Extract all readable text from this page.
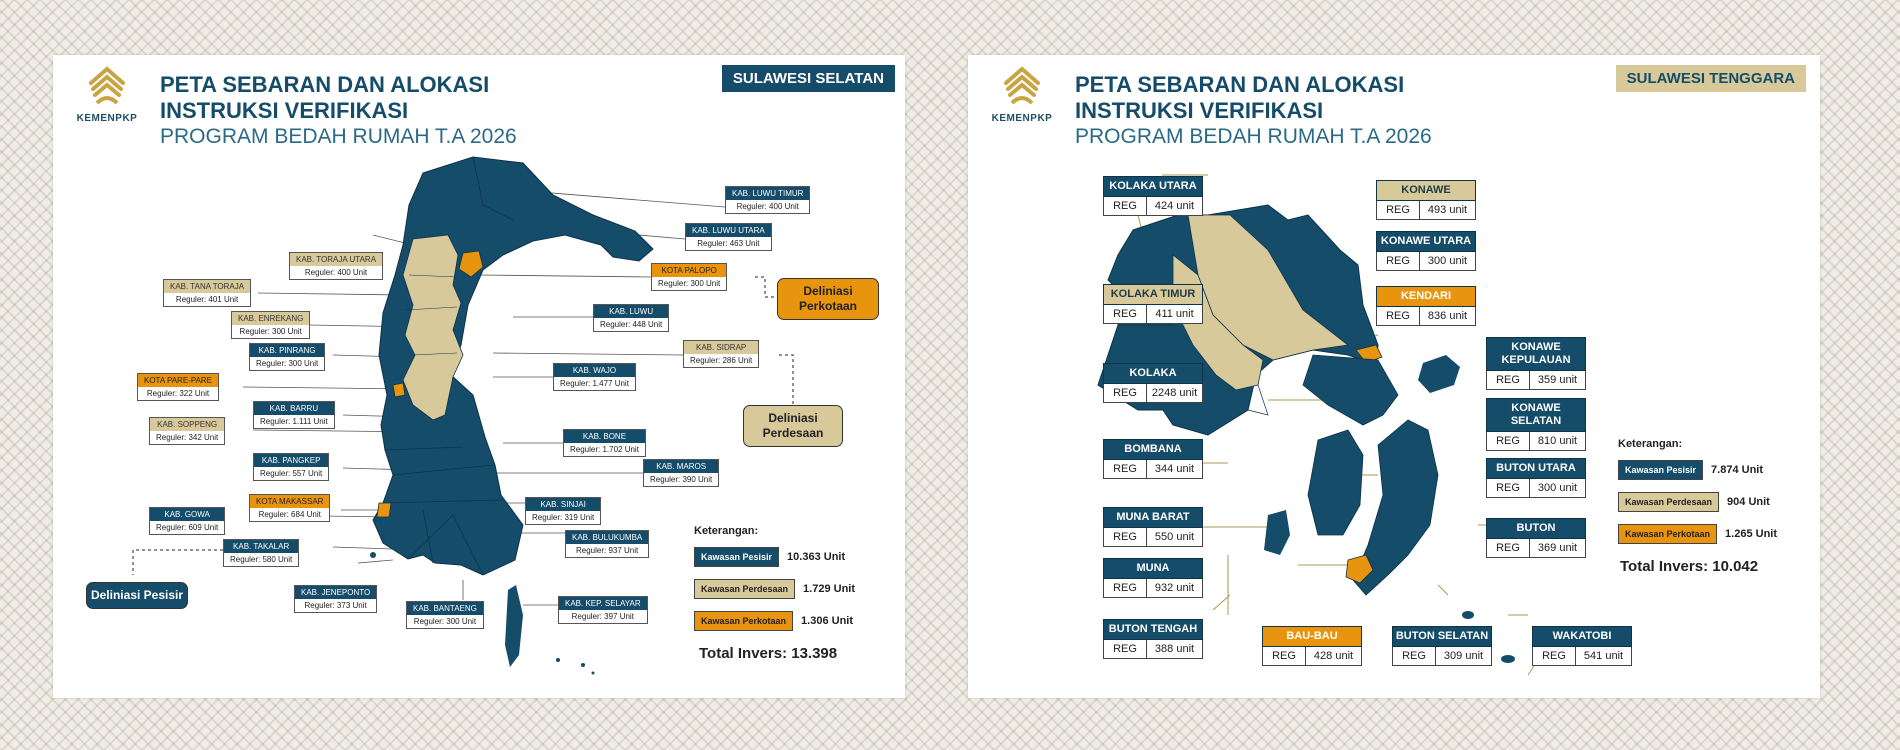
KEMENPKP
PETA SEBARAN DAN ALOKASI
INSTRUKSI VERIFIKASI
PROGRAM BEDAH RUMAH T.A 2026
SULAWESI SELATAN
KAB. LUWU TIMUR
Reguler: 400 Unit
KAB. LUWU UTARA
Reguler: 463 Unit
KOTA PALOPO
Reguler: 300 Unit
KAB. TORAJA UTARA
Reguler: 400 Unit
KAB. TANA TORAJA
Reguler: 401 Unit
KAB. ENREKANG
Reguler: 300 Unit
KAB. LUWU
Reguler: 448 Unit
KAB. PINRANG
Reguler: 300 Unit
KAB. SIDRAP
Reguler: 286 Unit
KOTA PARE-PARE
Reguler: 322 Unit
KAB. WAJO
Reguler: 1.477 Unit
KAB. BARRU
Reguler: 1.111 Unit
KAB. SOPPENG
Reguler: 342 Unit	KAB. BONE
Reguler: 1.702 Unit
KAB. PANGKEP
Reguler: 557 Unit
KAB. MAROS
Reguler: 390 Unit
KOTA MAKASSAR
Reguler: 684 Unit
KAB. SINJAI
Reguler: 319 Unit
KAB. GOWA
Reguler: 609 Unit
KAB. BULUKUMBA
Reguler: 937 Unit
KAB. TAKALAR
Reguler: 580 Unit
KAB. JENEPONTO
Reguler: 373 Unit	KAB. BANTAENG
Reguler: 300 Unit
KAB. KEP. SELAYAR
Reguler: 397 Unit
Deliniasi Perkotaan
Deliniasi Perdesaan
Deliniasi Pesisir
Keterangan:
Kawasan Pesisir	10.363 Unit
Kawasan Perdesaan	1.729 Unit
Kawasan Perkotaan	1.306 Unit
Total Invers: 13.398
KEMENPKP
PETA SEBARAN DAN ALOKASI
INSTRUKSI VERIFIKASI
PROGRAM BEDAH RUMAH T.A 2026
SULAWESI TENGGARA
KOLAKA UTARA
REG	424 unit
KONAWE
REG	493 unit
KONAWE UTARA
REG	300 unit
KOLAKA TIMUR
REG	411 unit
KENDARI
REG	836 unit
KONAWE KEPULAUAN
REG	359 unit
KOLAKA
REG	2248 unit
KONAWE SELATAN
REG	810 unit
BOMBANA
REG	344 unit	BUTON UTARA
REG	300 unit
MUNA BARAT
REG	550 unit
BUTON
REG	369 unit
MUNA
REG	932 unit
BUTON TENGAH
REG	388 unit
BAU-BAU
REG	428 unit
BUTON SELATAN
REG	309 unit
WAKATOBI
REG	541 unit
Keterangan:
Kawasan Pesisir	7.874 Unit
Kawasan Perdesaan	904 Unit
Kawasan Perkotaan	1.265 Unit
Total Invers: 10.042
